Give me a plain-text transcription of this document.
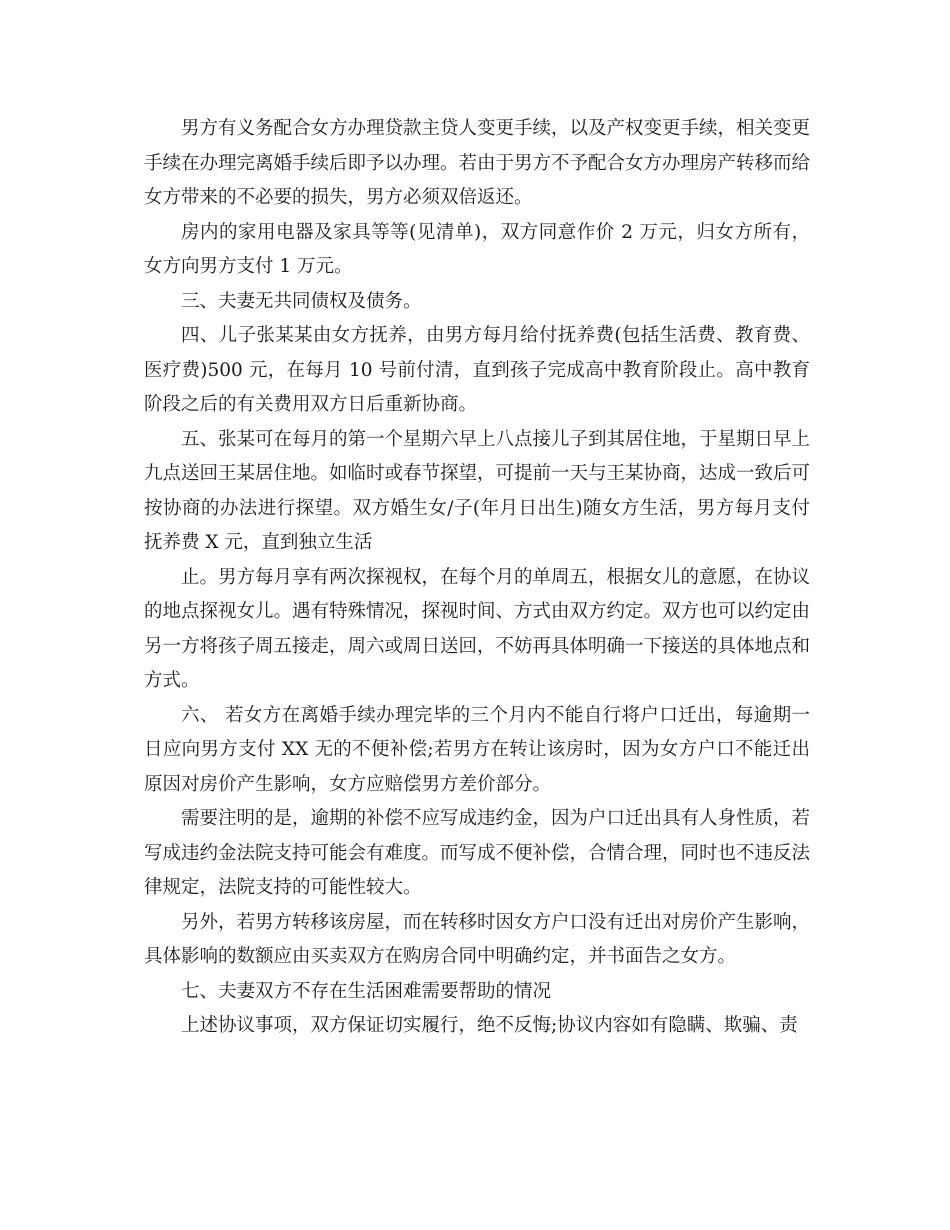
男方有义务配合女方办理贷款主贷人变更手续，以及产权变更手续，相关变更手续在办理完离婚手续后即予以办理。若由于男方不予配合女方办理房产转移而给女方带来的不必要的损失，男方必须双倍返还。

房内的家用电器及家具等等(见清单)，双方同意作价 2 万元，归女方所有，女方向男方支付 1 万元。

三、夫妻无共同债权及债务。

四、儿子张某某由女方抚养，由男方每月给付抚养费(包括生活费、教育费、医疗费)500 元，在每月 10 号前付清，直到孩子完成高中教育阶段止。高中教育阶段之后的有关费用双方日后重新协商。

五、张某可在每月的第一个星期六早上八点接儿子到其居住地，于星期日早上九点送回王某居住地。如临时或春节探望，可提前一天与王某协商，达成一致后可按协商的办法进行探望。双方婚生女/子(年月日出生)随女方生活，男方每月支付抚养费 X 元，直到独立生活

止。男方每月享有两次探视权，在每个月的单周五，根据女儿的意愿，在协议的地点探视女儿。遇有特殊情况，探视时间、方式由双方约定。双方也可以约定由另一方将孩子周五接走，周六或周日送回，不妨再具体明确一下接送的具体地点和方式。

六、 若女方在离婚手续办理完毕的三个月内不能自行将户口迁出，每逾期一日应向男方支付 XX 无的不便补偿;若男方在转让该房时，因为女方户口不能迁出原因对房价产生影响，女方应赔偿男方差价部分。

需要注明的是，逾期的补偿不应写成违约金，因为户口迁出具有人身性质，若写成违约金法院支持可能会有难度。而写成不便补偿，合情合理，同时也不违反法律规定，法院支持的可能性较大。

另外，若男方转移该房屋，而在转移时因女方户口没有迁出对房价产生影响，具体影响的数额应由买卖双方在购房合同中明确约定，并书面告之女方。

七、夫妻双方不存在生活困难需要帮助的情况

上述协议事项，双方保证切实履行，绝不反悔;协议内容如有隐瞒、欺骗、责
